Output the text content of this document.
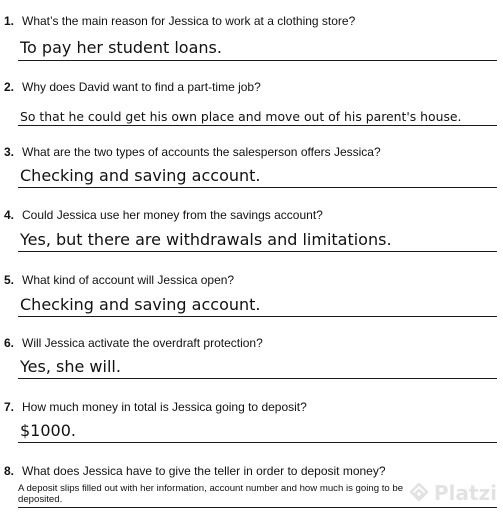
1. What’s the main reason for Jessica to work at a clothing store?
To pay her student loans.
2. Why does David want to find a part-time job?
So that he could get his own place and move out of his parent's house.
3. What are the two types of accounts the salesperson offers Jessica?
Checking and saving account.
4. Could Jessica use her money from the savings account?
Yes, but there are withdrawals and limitations.
5. What kind of account will Jessica open?
Checking and saving account.
6. Will Jessica activate the overdraft protection?
Yes, she will.
7. How much money in total is Jessica going to deposit?
$1000.
8. What does Jessica have to give the teller in order to deposit money?
A deposit slips filled out with her information, account number and how much is going to be deposited.	Platzi
